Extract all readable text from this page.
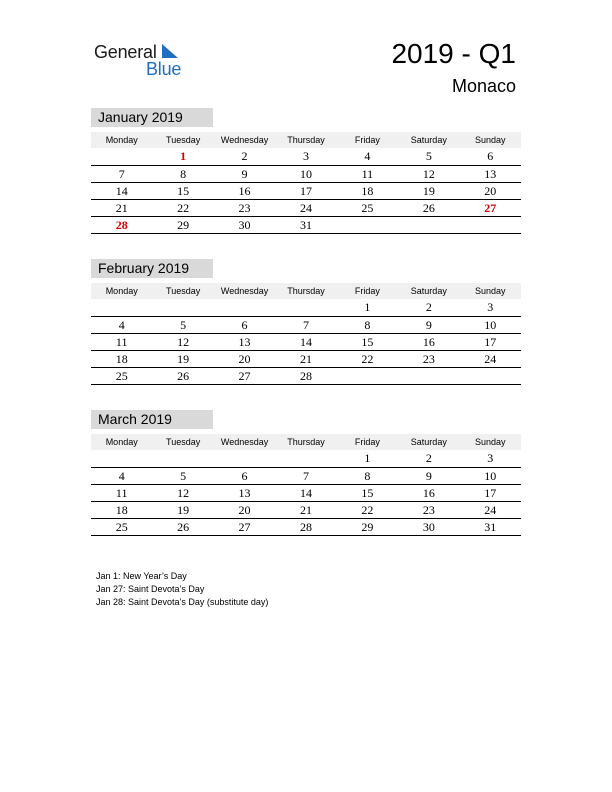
General
Blue	2019 - Q1
Monaco
January 2019
Monday	Tuesday	Wednesday	Thursday	Friday	Saturday	Sunday
	1	2	3	4	5	6
7	8	9	10	11	12	13
14	15	16	17	18	19	20
21	22	23	24	25	26	27
28	29	30	31			
February 2019
Monday	Tuesday	Wednesday	Thursday	Friday	Saturday	Sunday
				1	2	3
4	5	6	7	8	9	10
11	12	13	14	15	16	17
18	19	20	21	22	23	24
25	26	27	28			
March 2019
Monday	Tuesday	Wednesday	Thursday	Friday	Saturday	Sunday
				1	2	3
4	5	6	7	8	9	10
11	12	13	14	15	16	17
18	19	20	21	22	23	24
25	26	27	28	29	30	31
Jan 1: New Year’s Day
Jan 27: Saint Devota’s Day
Jan 28: Saint Devota’s Day (substitute day)
